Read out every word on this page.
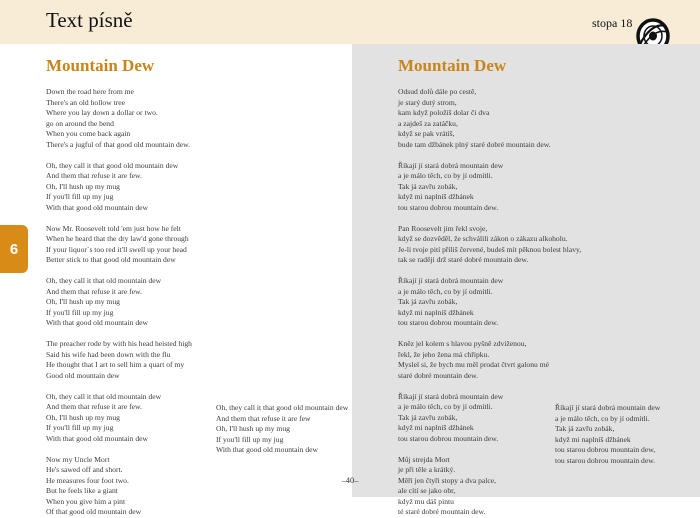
Text písně	stopa 18
6
Mountain Dew	Mountain Dew
Down the road here from me
There's an old hollow tree
Where you lay down a dollar or two.
go on around the bend
When you come back again
There's a jugful of that good old mountain dew.
Oh, they call it that good old mountain dew
And them that refuse it are few.
Oh, I'll hush up my mug
If you'll fill up my jug
With that good old mountain dew
Now Mr. Roosevelt told 'em just how he felt
When he heard that the dry law'd gone through
If your liquor`s too red it'll swell up your head
Better stick to that good old mountain dew
Oh, they call it that old mountain dew
And them that refuse it are few.
Oh, I'll hush up my mug
If you'll fill up my jug
With that good old mountain dew
The preacher rode by with his head heisted high
Said his wife had been down with the flu
He thought that I art to sell him a quart of my
Good old mountain dew
Oh, they call it that old mountain dew
And them that refuse it are few.
Oh, I'll hush up my mug
If you'll fill up my jug
With that good old mountain dew
Now my Uncle Mort
He's sawed off and short.
He measures four foot two.
But he feels like a giant
When you give him a pint
Of that good old mountain dew
Oh, they call it that good old mountain dew
And them that refuse it are few
Oh, I'll hush up my mug
If you'll fill up my jug
With that good old mountain dew
Odsud dolů dále po cestě,
je starý dutý strom,
kam když položíš dolar či dva
a zajdeš za zatáčku,
když se pak vrátíš,
bude tam džbánek plný staré dobré mountain dew.
Říkají jí stará dobrá mountain dew
a je málo těch, co by jí odmítli.
Tak já zavřu zobák,
když mi naplníš džbánek
tou starou dobrou mountain dew.
Pan Roosevelt jim řekl svoje,
když se dozvěděl, že schválili zákon o zákazu alkoholu.
Je-li tvoje pití příliš červené, budeš mít pěknou bolest hlavy,
tak se raději drž staré dobré mountain dew.
Říkají jí stará dobrá mountain dew
a je málo těch, co by jí odmítli.
Tak já zavřu zobák,
když mi naplníš džbánek
tou starou dobrou mountain dew.
Kněz jel kolem s hlavou pyšně zdviženou,
řekl, že jeho žena má chřipku.
Myslel si, že bych mu měl prodat čtvrt galonu mé
staré dobré mountain dew.
Říkají jí stará dobrá mountain dew
a je málo těch, co by jí odmítli.
Tak já zavřu zobák,
když mi naplníš džbánek
tou starou dobrou mountain dew.
Můj strejda Mort
je při těle a krátký.
Měří jen čtyři stopy a dva palce,
ale cítí se jako obr,
když mu dáš pintu
té staré dobré mountain dew.
Říkají jí stará dobrá mountain dew
a je málo těch, co by jí odmítli.
Tak já zavřu zobák,
když mi naplníš džbánek
tou starou dobrou mountain dew,
tou starou dobrou mountain dew.
–40–
